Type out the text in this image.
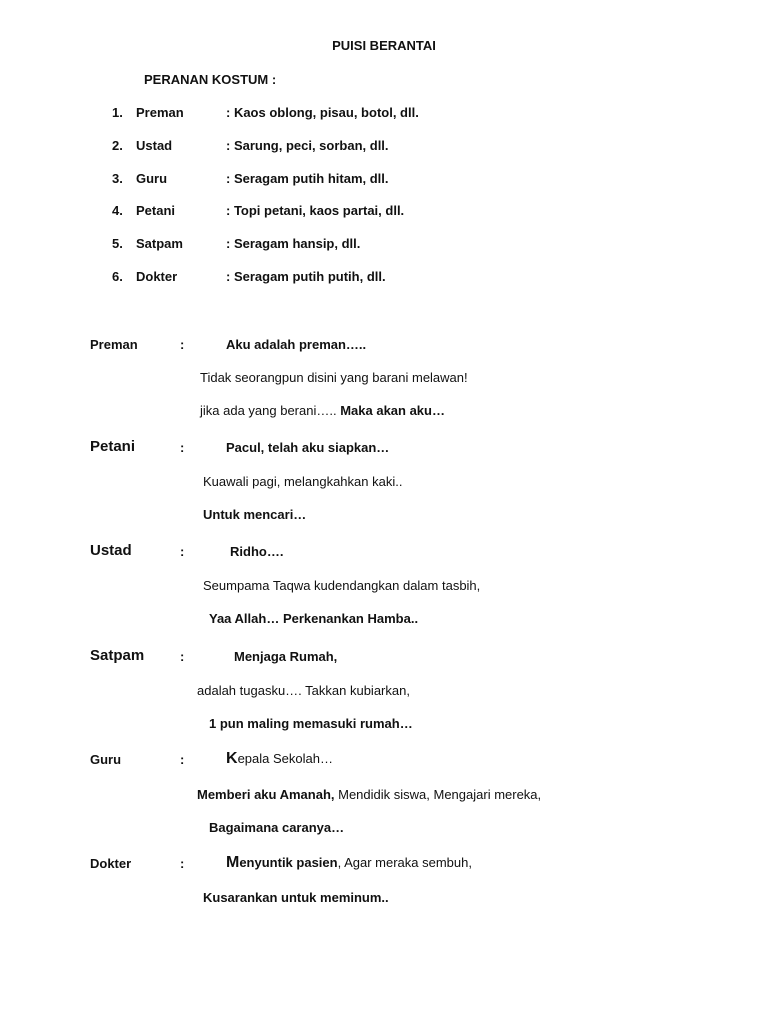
PUISI BERANTAI
PERANAN KOSTUM :
1. Preman	: Kaos oblong, pisau, botol, dll.
2. Ustad	: Sarung, peci, sorban, dll.
3. Guru	: Seragam putih hitam, dll.
4. Petani	: Topi petani, kaos partai, dll.
5. Satpam	: Seragam hansip, dll.
6. Dokter	: Seragam putih putih, dll.
Preman	:	Aku adalah preman…..
Tidak seorangpun disini yang barani melawan!
jika ada yang berani….. Maka akan aku…
Petani	:	Pacul, telah aku siapkan…
Kuawali pagi, melangkahkan kaki..
Untuk mencari…
Ustad	:	Ridho….
Seumpama Taqwa kudendangkan dalam tasbih,
Yaa Allah… Perkenankan Hamba..
Satpam	:	Menjaga Rumah,
adalah tugasku…. Takkan kubiarkan,
1 pun maling memasuki rumah…
Guru	:	Kepala Sekolah…
Memberi aku Amanah, Mendidik siswa, Mengajari mereka,
Bagaimana caranya…
Dokter	:	Menyuntik pasien, Agar meraka sembuh,
Kusarankan untuk meminum..
